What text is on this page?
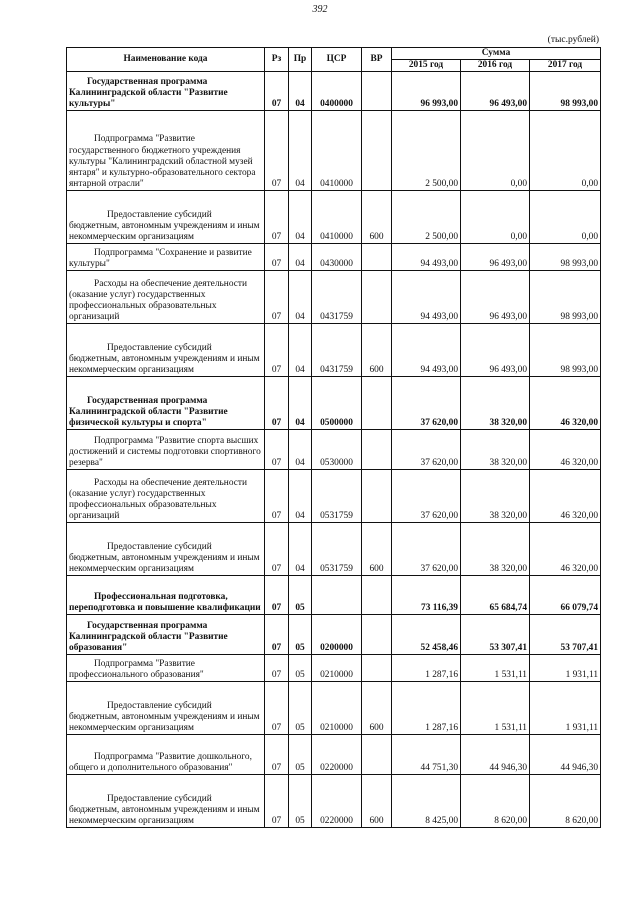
392
(тыс.рублей)
Наименование кода	Рз	Пр	ЦСР	ВР	Сумма		
					2015 год	2016 год	2017 год
Государственная программа Калининградской области "Развитие культуры"	07	04	0400000		96 993,00	96 493,00	98 993,00
Подпрограмма "Развитие государственного бюджетного учреждения культуры "Калининградский областной музей янтаря" и культурно-образовательного сектора янтарной отрасли"	07	04	0410000		2 500,00	0,00	0,00
Предоставление субсидий бюджетным, автономным учреждениям и иным некоммерческим организациям	07	04	0410000	600	2 500,00	0,00	0,00
Подпрограмма "Сохранение и развитие культуры"	07	04	0430000		94 493,00	96 493,00	98 993,00
Расходы на обеспечение деятельности (оказание услуг) государственных профессиональных образовательных организаций	07	04	0431759		94 493,00	96 493,00	98 993,00
Предоставление субсидий бюджетным, автономным учреждениям и иным некоммерческим организациям	07	04	0431759	600	94 493,00	96 493,00	98 993,00
Государственная программа Калининградской области "Развитие физической культуры и спорта"	07	04	0500000		37 620,00	38 320,00	46 320,00
Подпрограмма "Развитие спорта высших достижений и системы подготовки спортивного резерва"	07	04	0530000		37 620,00	38 320,00	46 320,00
Расходы на обеспечение деятельности (оказание услуг) государственных профессиональных образовательных организаций	07	04	0531759		37 620,00	38 320,00	46 320,00
Предоставление субсидий бюджетным, автономным учреждениям и иным некоммерческим организациям	07	04	0531759	600	37 620,00	38 320,00	46 320,00
Профессиональная подготовка, переподготовка и повышение квалификации	07	05			73 116,39	65 684,74	66 079,74
Государственная программа Калининградской области "Развитие образования"	07	05	0200000		52 458,46	53 307,41	53 707,41
Подпрограмма "Развитие профессионального образования"	07	05	0210000		1 287,16	1 531,11	1 931,11
Предоставление субсидий бюджетным, автономным учреждениям и иным некоммерческим организациям	07	05	0210000	600	1 287,16	1 531,11	1 931,11
Подпрограмма "Развитие дошкольного, общего и дополнительного образования"	07	05	0220000		44 751,30	44 946,30	44 946,30
Предоставление субсидий бюджетным, автономным учреждениям и иным некоммерческим организациям	07	05	0220000	600	8 425,00	8 620,00	8 620,00
